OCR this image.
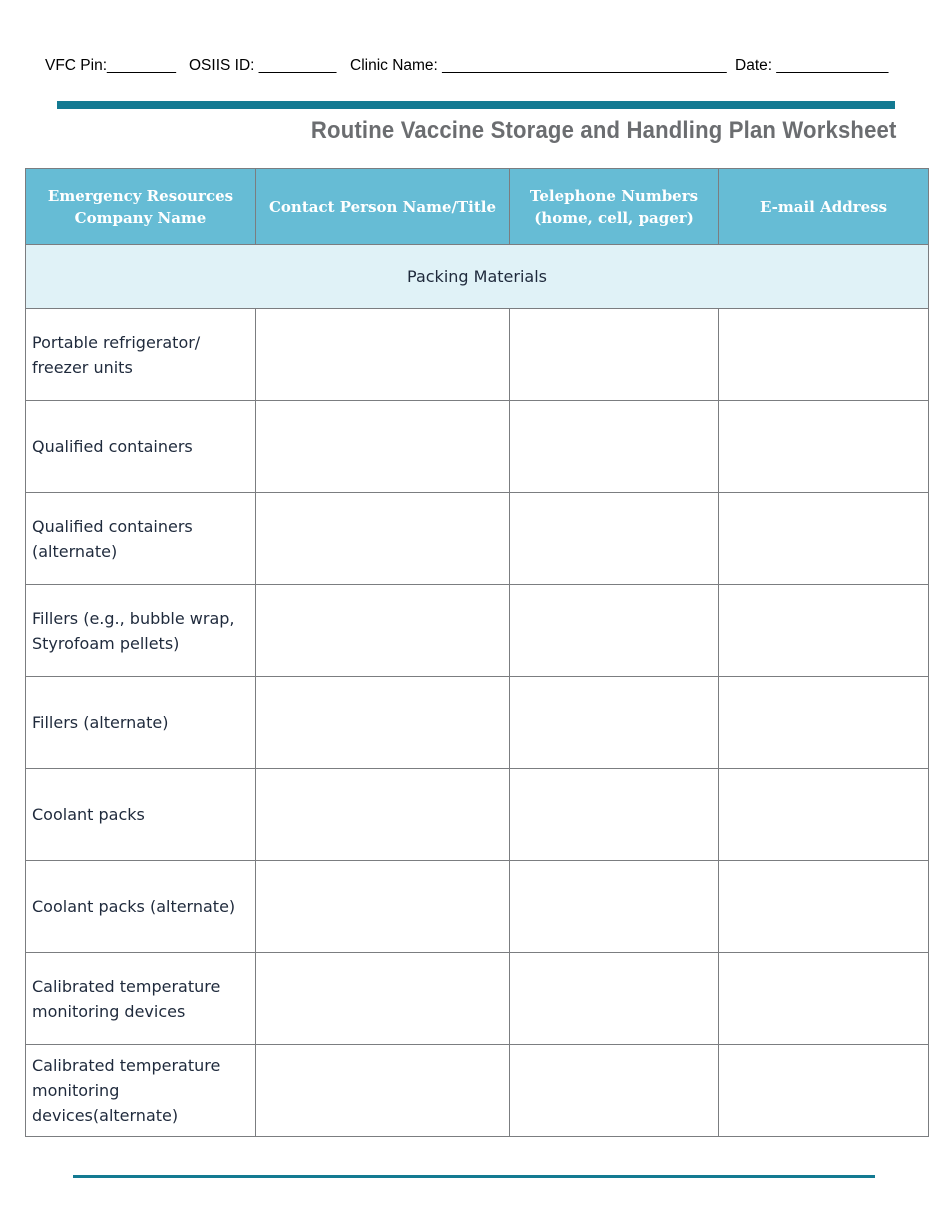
VFC Pin:________ OSIIS ID: _________ Clinic Name: _________________________________ Date: _____________
Routine Vaccine Storage and Handling Plan Worksheet
Emergency Resources Company Name	Contact Person Name/Title	Telephone Numbers (home, cell, pager)	E-mail Address
Packing Materials			
Portable refrigerator/ freezer units			
Qualified containers			
Qualified containers (alternate)			
Fillers (e.g., bubble wrap, Styrofoam pellets)			
Fillers (alternate)			
Coolant packs			
Coolant packs (alternate)			
Calibrated temperature monitoring devices			
Calibrated temperature monitoring devices(alternate)			
